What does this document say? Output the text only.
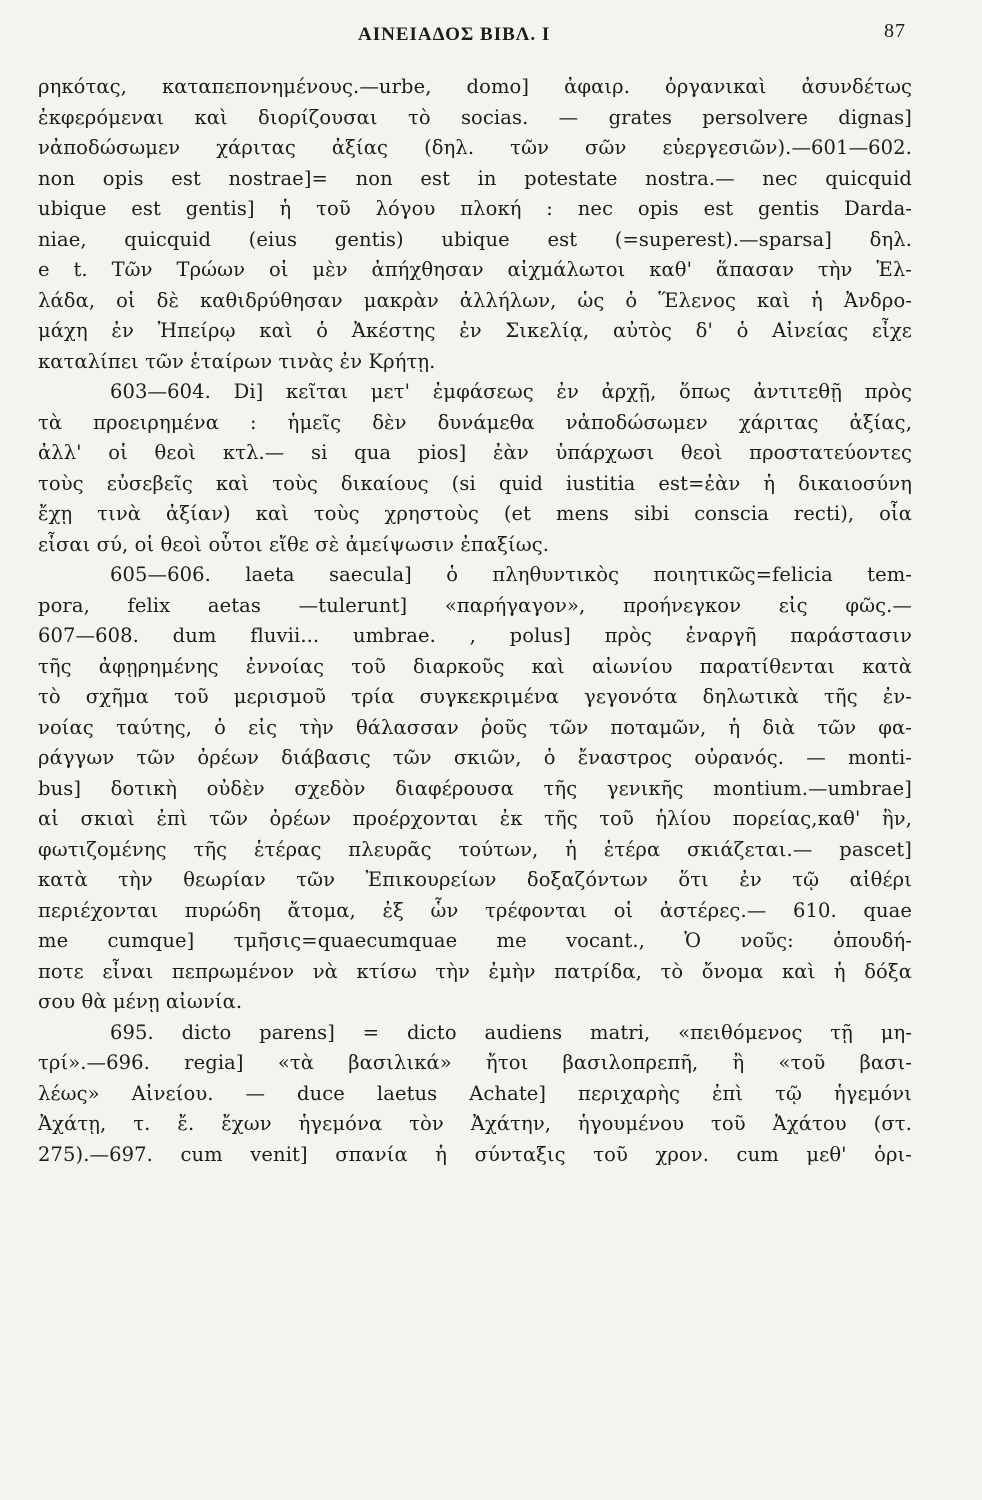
ΑΙΝΕΙΑΔΟΣ ΒΙΒΛ. Ι	87
ρηκότας, καταπεπονημένους.—urbe, domo] ἀφαιρ. ὀργανικαὶ ἀσυνδέτως
ἐκφερόμεναι καὶ διορίζουσαι τὸ socias. — grates persolvere dignas]
νἀποδώσωμεν χάριτας ἀξίας (δηλ. τῶν σῶν εὐεργεσιῶν).—601—602.
non opis est nostrae]= non est in potestate nostra.— nec quicquid
ubique est gentis] ἡ τοῦ λόγου πλοκή : nec opis est gentis Darda-
niae, quicquid (eius gentis) ubique est (=superest).—sparsa] δηλ.
e t. Τῶν Τρώων οἱ μὲν ἀπήχθησαν αἰχμάλωτοι καθ' ἅπασαν τὴν Ἑλ-
λάδα, οἱ δὲ καθιδρύθησαν μακρὰν ἀλλήλων, ὡς ὁ Ἕλενος καὶ ἡ Ἀνδρο-
μάχη ἐν Ἠπείρῳ καὶ ὁ Ἀκέστης ἐν Σικελίᾳ, αὐτὸς δ' ὁ Αἰνείας εἶχε
καταλίπει τῶν ἑταίρων τινὰς ἐν Κρήτῃ.
603—604. Di] κεῖται μετ' ἐμφάσεως ἐν ἀρχῇ, ὅπως ἀντιτεθῇ πρὸς
τὰ προειρημένα : ἡμεῖς δὲν δυνάμεθα νἀποδώσωμεν χάριτας ἀξίας,
ἀλλ' οἱ θεοὶ κτλ.— si qua pios] ἐὰν ὑπάρχωσι θεοὶ προστατεύοντες
τοὺς εὐσεβεῖς καὶ τοὺς δικαίους (si quid iustitia est=ἐὰν ἡ δικαιοσύνη
ἔχῃ τινὰ ἀξίαν) καὶ τοὺς χρηστοὺς (et mens sibi conscia recti), οἷα
εἶσαι σύ, οἱ θεοὶ οὗτοι εἴθε σὲ ἀμείψωσιν ἐπαξίως.
605—606. laeta saecula] ὁ πληθυντικὸς ποιητικῶς=felicia tem-
pora, felix aetas —tulerunt] «παρήγαγον», προήνεγκον εἰς φῶς.—
607—608. dum fluvii... umbrae. , polus] πρὸς ἐναργῆ παράστασιν
τῆς ἀφῃρημένης ἐννοίας τοῦ διαρκοῦς καὶ αἰωνίου παρατίθενται κατὰ
τὸ σχῆμα τοῦ μερισμοῦ τρία συγκεκριμένα γεγονότα δηλωτικὰ τῆς ἐν-
νοίας ταύτης, ὁ εἰς τὴν θάλασσαν ῥοῦς τῶν ποταμῶν, ἡ διὰ τῶν φα-
ράγγων τῶν ὀρέων διάβασις τῶν σκιῶν, ὁ ἔναστρος οὐρανός. — monti-
bus] δοτικὴ οὐδὲν σχεδὸν διαφέρουσα τῆς γενικῆς montium.—umbrae]
αἱ σκιαὶ ἐπὶ τῶν ὀρέων προέρχονται ἐκ τῆς τοῦ ἡλίου πορείας,καθ' ἣν,
φωτιζομένης τῆς ἑτέρας πλευρᾶς τούτων, ἡ ἑτέρα σκιάζεται.— pascet]
κατὰ τὴν θεωρίαν τῶν Ἐπικουρείων δοξαζόντων ὅτι ἐν τῷ αἰθέρι
περιέχονται πυρώδη ἄτομα, ἐξ ὧν τρέφονται οἱ ἀστέρες.— 610. quae
me cumque] τμῆσις=quaecumquae me vocant., Ὁ νοῦς: ὁπουδή-
ποτε εἶναι πεπρωμένον νὰ κτίσω τὴν ἐμὴν πατρίδα, τὸ ὄνομα καὶ ἡ δόξα
σου θὰ μένῃ αἰωνία.
695. dicto parens] = dicto audiens matri, «πειθόμενος τῇ μη-
τρί».—696. regia] «τὰ βασιλικά» ἤτοι βασιλοπρεπῆ, ἢ «τοῦ βασι-
λέως» Αἰνείου. — duce laetus Achate] περιχαρὴς ἐπὶ τῷ ἡγεμόνι
Ἀχάτῃ, τ. ἔ. ἔχων ἡγεμόνα τὸν Ἀχάτην, ἡγουμένου τοῦ Ἀχάτου (στ.
275).—697. cum venit] σπανία ἡ σύνταξις τοῦ χρον. cum μεθ' ὁρι-
